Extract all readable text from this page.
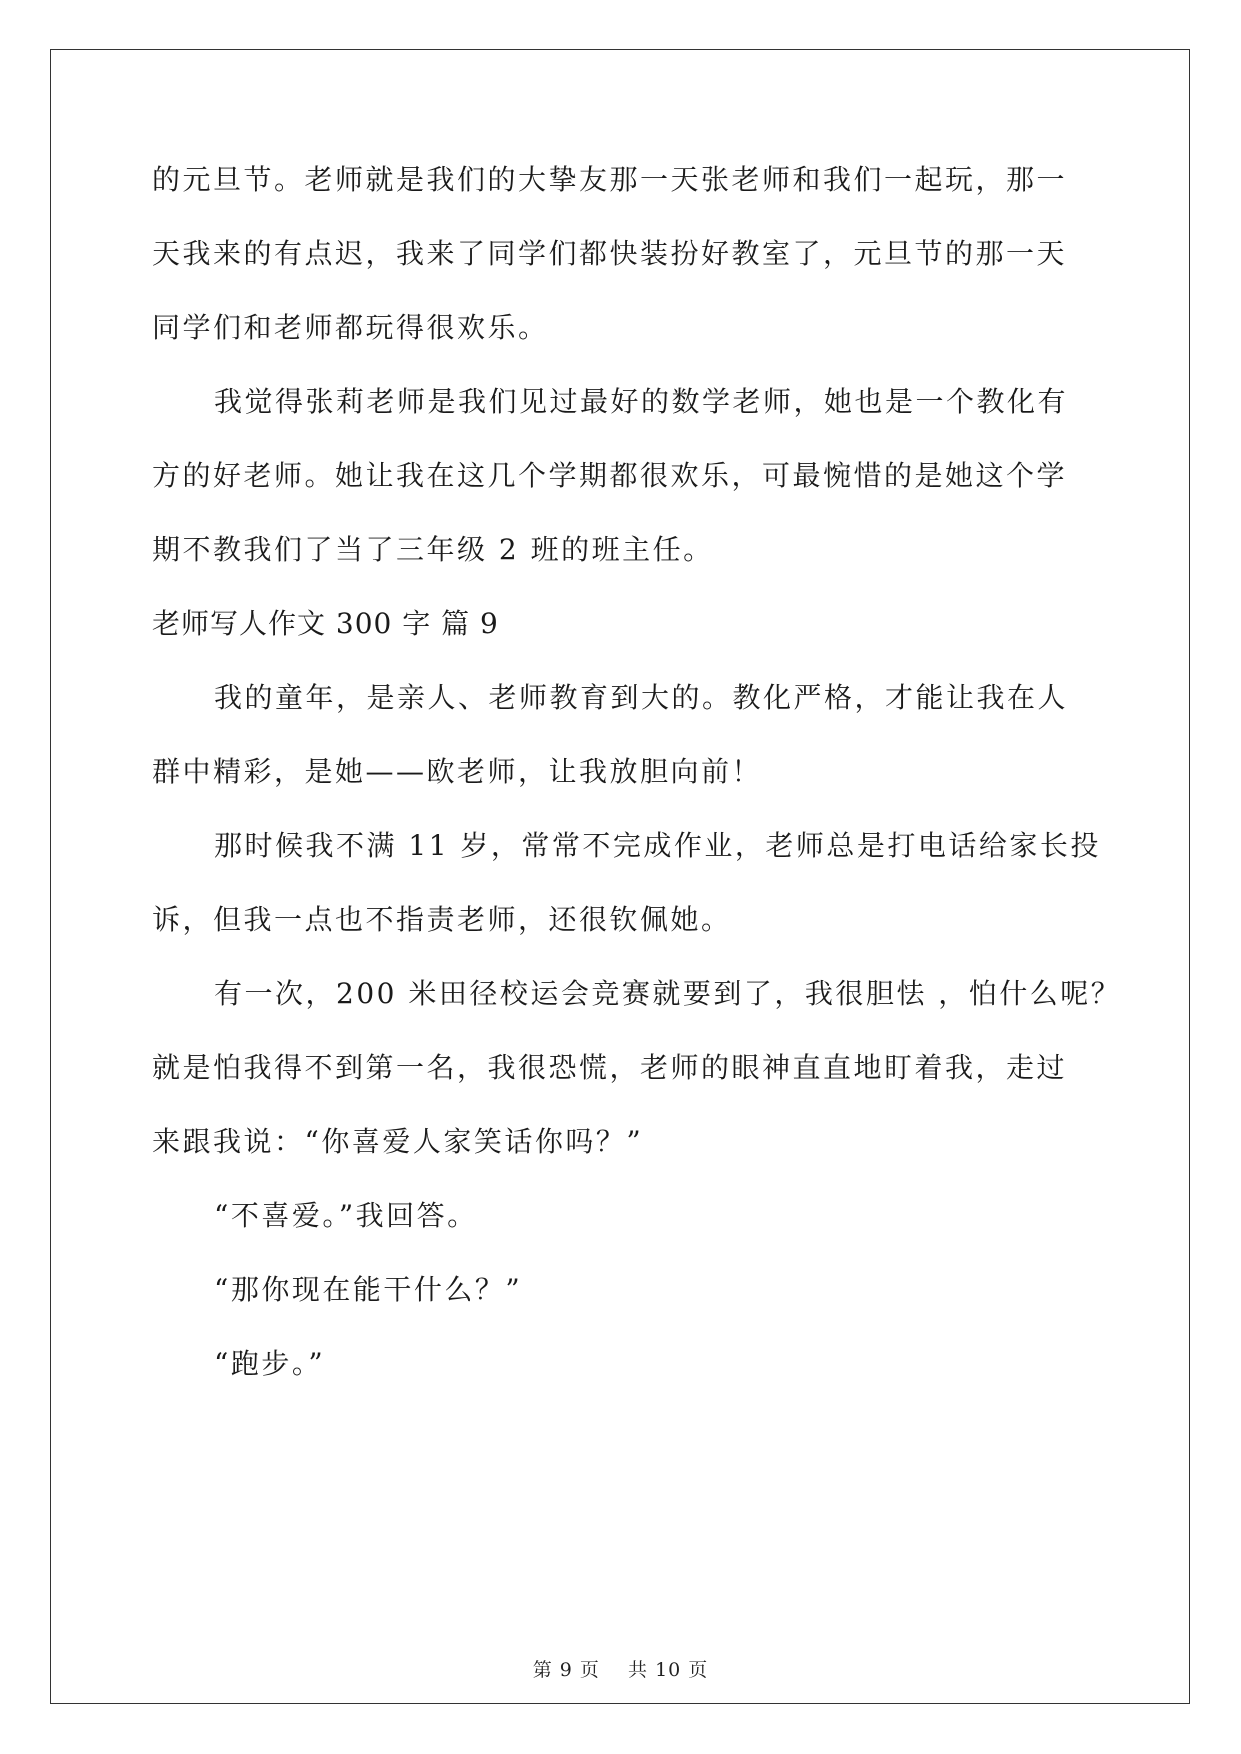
的元旦节。老师就是我们的大挚友那一天张老师和我们一起玩，那一
天我来的有点迟，我来了同学们都快装扮好教室了，元旦节的那一天
同学们和老师都玩得很欢乐。
我觉得张莉老师是我们见过最好的数学老师，她也是一个教化有
方的好老师。她让我在这几个学期都很欢乐，可最惋惜的是她这个学
期不教我们了当了三年级 2 班的班主任。
老师写人作文 300 字 篇 9
我的童年，是亲人、老师教育到大的。教化严格，才能让我在人
群中精彩，是她——欧老师，让我放胆向前！
那时候我不满 11 岁，常常不完成作业，老师总是打电话给家长投
诉，但我一点也不指责老师，还很钦佩她。
有一次，200 米田径校运会竞赛就要到了，我很胆怯 ，怕什么呢？
就是怕我得不到第一名，我很恐慌，老师的眼神直直地盯着我，走过
来跟我说：“你喜爱人家笑话你吗？”
“不喜爱。”我回答。
“那你现在能干什么？”
“跑步。”
第 9 页    共 10 页
